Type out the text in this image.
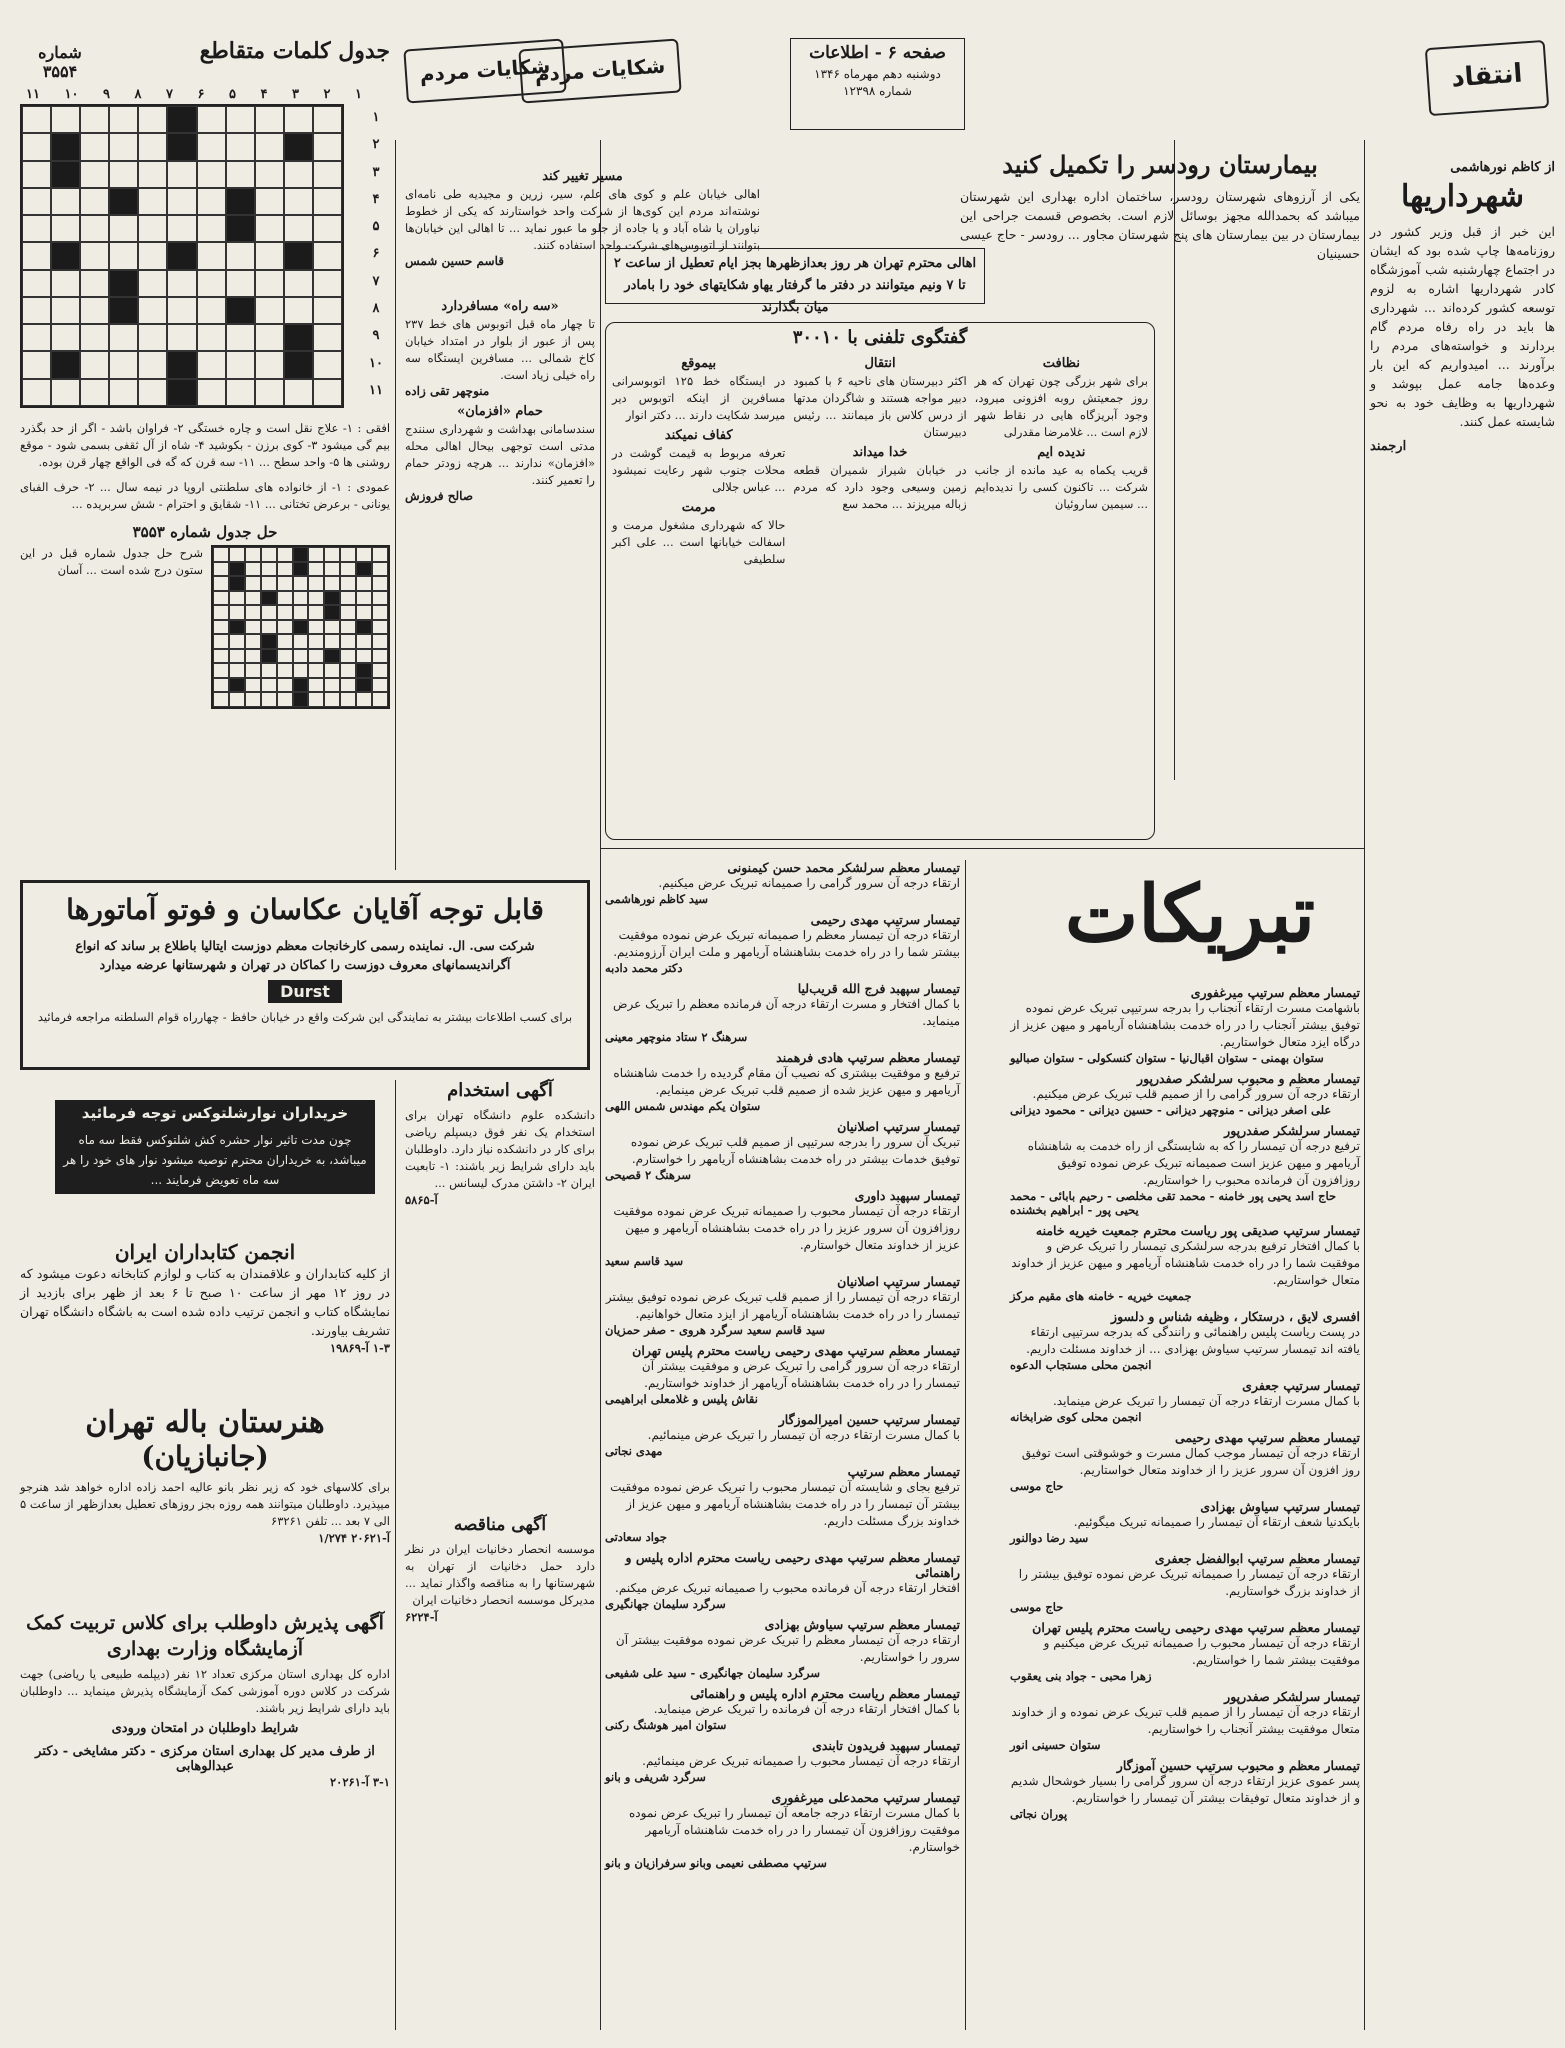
انتقاد
شکایات مردم
صفحه ۶ - اطلاعات
دوشنبه دهم مهرماه ۱۳۴۶
شماره ۱۲۳۹۸
شکایات مردم
از کاظم نورهاشمی
شهرداریها
این خبر از قبل وزیر کشور در روزنامه‌ها چاپ شده بود که ایشان در اجتماع چهارشنبه شب آموزشگاه کادر شهرداریها اشاره به لزوم توسعه کشور کرده‌اند ... شهرداری ها باید در راه رفاه مردم گام بردارند و خواسته‌های مردم را برآورند ... امیدواریم که این بار وعده‌ها جامه عمل بپوشد و شهرداریها به وظایف خود به نحو شایسته عمل کنند.
ارجمند
بیمارستان رودسر را تکمیل کنید
یکی از آرزوهای شهرستان رودسر، ساختمان اداره بهداری این شهرستان میباشد که بحمدالله مجهز بوسائل لازم است. بخصوص قسمت جراحی این بیمارستان در بین بیمارستان های پنج شهرستان مجاور ... رودسر - حاج عیسی حسینیان
مسیر تغییر کند
اهالی خیابان علم و کوی های علم، سیر، زرین و مجیدیه طی نامه‌ای نوشته‌اند مردم این کوی‌ها از شرکت واحد خواستارند که یکی از خطوط نیاوران یا شاه آباد و یا جاده از جلو ما عبور نماید ... تا اهالی این خیابان‌ها بتوانند از اتوبوس‌های شرکت واحد استفاده کنند.
قاسم حسین شمس	اهالی محترم تهران هر روز بعدازظهرها بجز ایام تعطیل از ساعت ۲ تا ۷ ونیم میتوانند در دفتر ما گرفتار یهاو شکایتهای خود را بامادر میان بگذارند
گفتگوی تلفنی با ۳۰۰۱۰
نظافت
برای شهر بزرگی چون تهران که هر روز جمعیتش روبه افزونی میرود، وجود آبریزگاه هایی در نقاط شهر لازم است ... غلامرضا مقدرلی
ندیده ایم
قریب یکماه به عید مانده از جانب شرکت ... تاکنون کسی را ندیده‌ایم ... سیمین ساروئیان
انتقال
اکثر دبیرستان های ناحیه ۶ با کمبود دبیر مواجه هستند و شاگردان مدتها از درس کلاس باز میمانند ... رئیس دبیرستان
خدا میداند
در خیابان شیراز شمیران قطعه زمین وسیعی وجود دارد که مردم زباله میریزند ... محمد سع
بیموقع
در ایستگاه خط ۱۲۵ اتوبوسرانی مسافرین از اینکه اتوبوس دیر میرسد شکایت دارند ... دکتر انوار
کفاف نمیکند
تعرفه مربوط به قیمت گوشت در محلات جنوب شهر رعایت نمیشود ... عباس جلالی
مرمت
حالا که شهرداری مشغول مرمت و اسفالت خیابانها است ... علی اکبر سلطیفی
«سه راه» مسافردارد
تا چهار ماه قبل اتوبوس های خط ۲۳۷ پس از عبور از بلوار در امتداد خیابان کاخ شمالی ... مسافرین ایستگاه سه راه خیلی زیاد است.
منوچهر تقی زاده
حمام «افزمان»
سندسامانی بهداشت و شهرداری سنندج مدتی است توجهی بیحال اهالی محله «افزمان» ندارند ... هرچه زودتر حمام را تعمیر کنند.
صالح فروزش
جدول کلمات متقاطع
شماره ۳۵۵۴
۱۱ ۱۰ ۹ ۸ ۷ ۶ ۵ ۴ ۳ ۲ ۱
۱
۲
۳
۴
۵
۶
۷
۸
۹
۱۰
۱۱
افقی : ۱- علاج نقل است و چاره خستگی ۲- فراوان باشد - اگر از حد بگذرد بیم گی میشود ۳- کوی برزن - بکوشید ۴- شاه از آل ثقفی بسمی شود - موقع روشنی ها ۵- واحد سطح ... ۱۱- سه قرن که گه فی الواقع چهار قرن بوده.
عمودی : ۱- از خانواده های سلطنتی اروپا در نیمه سال ... ۲- حرف الفبای یونانی - برعرض تختانی ... ۱۱- شقایق و احترام - شش سربریده ...
حل جدول شماره ۳۵۵۳
شرح حل جدول شماره قبل در این ستون درج شده است ... آسان
قابل توجه آقایان عکاسان و فوتو آماتورها
شرکت سی. ال. نماینده رسمی کارخانجات معظم دوزست ایتالیا باطلاع بر ساند که انواع آگراندیسمانهای معروف دوزست را کماکان در تهران و شهرستانها عرضه میدارد
Durst
برای کسب اطلاعات بیشتر به نمایندگی این شرکت واقع در خیابان حافظ - چهارراه قوام السلطنه مراجعه فرمائید
خریداران نوارشلتوکس توجه فرمائید
چون مدت تاثیر نوار حشره کش شلتوکس فقط سه ماه میباشد، به خریداران محترم توصیه میشود نوار های خود را هر سه ماه تعویض فرمایند ...
انجمن کتابداران ایران
از کلیه کتابداران و علاقمندان به کتاب و لوازم کتابخانه دعوت میشود که در روز ۱۲ مهر از ساعت ۱۰ صبح تا ۶ بعد از ظهر برای بازدید از نمایشگاه کتاب و انجمن ترتیب داده شده است به باشگاه دانشگاه تهران تشریف بیاورند.
۱-۳ آ-۱۹۸۶۹
هنرستان باله تهران
(جانبازیان)
برای کلاسهای خود که زیر نظر بانو عالیه احمد زاده اداره خواهد شد هنرجو میپذیرد. داوطلبان میتوانند همه روزه بجز روزهای تعطیل بعدازظهر از ساعت ۵ الی ۷ بعد ... تلفن ۶۳۲۶۱
آ-۲۰۶۲۱ ۱/۲۷۴
آگهی پذیرش داوطلب برای کلاس تربیت کمک آزمایشگاه وزارت بهداری
اداره کل بهداری استان مرکزی تعداد ۱۲ نفر (دیپلمه طبیعی یا ریاضی) جهت شرکت در کلاس دوره آموزشی کمک آزمایشگاه پذیرش مینماید ... داوطلبان باید دارای شرایط زیر باشند.
شرایط داوطلبان در امتحان ورودی
از طرف مدیر کل بهداری استان مرکزی - دکتر مشایخی - دکتر عبدالوهابی
۳-۱ آ-۲۰۲۶۱
آگهی استخدام
دانشکده علوم دانشگاه تهران برای استخدام یک نفر فوق دیسپلم ریاضی برای کار در دانشکده نیاز دارد. داوطلبان باید دارای شرایط زیر باشند: ۱- تابعیت ایران ۲- داشتن مدرک لیسانس ...
آ-۵۸۶۵
آگهی مناقصه
موسسه انحصار دخانیات ایران در نظر دارد حمل دخانیات از تهران به شهرستانها را به مناقصه واگذار نماید ... مدیرکل موسسه انحصار دخانیات ایران
آ-۶۲۲۴
تبریکات
تیمسار معظم سرتیپ میرغفوری
باشهامت مسرت ارتقاء آنجناب را بدرجه سرتیپی تبریک عرض نموده توفیق بیشتر آنجناب را در راه خدمت بشاهنشاه آریامهر و میهن عزیز از درگاه ایزد متعال خواستاریم.
ستوان بهمنی - ستوان اقبال‌نیا - ستوان کنسکولی - ستوان صبالیو
تیمسار معظم و محبوب سرلشکر صفدرپور
ارتقاء درجه آن سرور گرامی را از صمیم قلب تبریک عرض میکنیم.
علی اصغر دیزانی - منوچهر دیزانی - حسین دیزانی - محمود دیزانی
تیمسار سرلشکر صفدرپور
ترفیع درجه آن تیمسار را که به شایستگی از راه خدمت به شاهنشاه آریامهر و میهن عزیز است صمیمانه تبریک عرض نموده توفیق روزافزون آن فرمانده محبوب را خواستاریم.
حاج اسد یحیی پور خامنه - محمد تقی مخلصی - رحیم بابائی - محمد یحیی پور - ابراهیم بخشنده
تیمسار سرتیپ صدیقی پور ریاست محترم جمعیت خیریه خامنه
با کمال افتخار ترفیع بدرجه سرلشکری تیمسار را تبریک عرض و موفقیت شما را در راه خدمت شاهنشاه آریامهر و میهن عزیز از خداوند متعال خواستاریم.
جمعیت خیریه - خامنه های مقیم مرکز
افسری لایق ، درستکار ، وظیفه شناس و دلسوز
در پست ریاست پلیس راهنمائی و رانندگی که بدرجه سرتیپی ارتقاء یافته اند تیمسار سرتیپ سیاوش بهزادی ... از خداوند مسئلت داریم.
انجمن محلی مستجاب الدعوه
تیمسار سرتیپ جعفری
با کمال مسرت ارتقاء درجه آن تیمسار را تبریک عرض مینماید.
انجمن محلی کوی ضرابخانه
تیمسار معظم سرتیپ مهدی رحیمی
ارتقاء درجه آن تیمسار موجب کمال مسرت و خوشوقتی است توفیق روز افزون آن سرور عزیز را از خداوند متعال خواستاریم.
حاج موسی
تیمسار سرتیپ سیاوش بهزادی
بایکدنیا شعف ارتقاء آن تیمسار را صمیمانه تبریک میگوئیم.
سید رضا دوالنور
تیمسار معظم سرتیپ ابوالفضل جعفری
ارتقاء درجه آن تیمسار را صمیمانه تبریک عرض نموده توفیق بیشتر را از خداوند بزرگ خواستاریم.
حاج موسی
تیمسار معظم سرتیپ مهدی رحیمی ریاست محترم پلیس تهران
ارتقاء درجه آن تیمسار محبوب را صمیمانه تبریک عرض میکنیم و موفقیت بیشتر شما را خواستاریم.
زهرا محبی - جواد بنی یعقوب
تیمسار سرلشکر صفدرپور
ارتقاء درجه آن تیمسار را از صمیم قلب تبریک عرض نموده و از خداوند متعال موفقیت بیشتر آنجناب را خواستاریم.
ستوان حسینی انور
تیمسار معظم و محبوب سرتیپ حسین آموزگار
پسر عموی عزیز ارتقاء درجه آن سرور گرامی را بسیار خوشحال شدیم و از خداوند متعال توفیقات بیشتر آن تیمسار را خواستاریم.
پوران نجاتی
تیمسار معظم سرلشکر محمد حسن کیمنونی
ارتقاء درجه آن سرور گرامی را صمیمانه تبریک عرض میکنیم.
سید کاظم نورهاشمی
تیمسار سرتیپ مهدی رحیمی
ارتقاء درجه آن تیمسار معظم را صمیمانه تبریک عرض نموده موفقیت بیشتر شما را در راه خدمت بشاهنشاه آریامهر و ملت ایران آرزومندیم.
دکتر محمد دادبه
تیمسار سپهبد فرج الله قریب‌لیا
با کمال افتخار و مسرت ارتقاء درجه آن فرمانده معظم را تبریک عرض مینماید.
سرهنگ ۲ ستاد منوچهر معینی
تیمسار معظم سرتیپ هادی فرهمند
ترفیع و موفقیت بیشتری که نصیب آن مقام گردیده را خدمت شاهنشاه آریامهر و میهن عزیز شده از صمیم قلب تبریک عرض مینمایم.
ستوان یکم مهندس شمس اللهی
تیمسار سرتیپ اصلانیان
تبریک آن سرور را بدرجه سرتیپی از صمیم قلب تبریک عرض نموده توفیق خدمات بیشتر در راه خدمت بشاهنشاه آریامهر را خواستارم.
سرهنگ ۲ قصیحی
تیمسار سپهبد داوری
ارتقاء درجه آن تیمسار محبوب را صمیمانه تبریک عرض نموده موفقیت روزافزون آن سرور عزیز را در راه خدمت بشاهنشاه آریامهر و میهن عزیز از خداوند متعال خواستارم.
سید قاسم سعید
تیمسار سرتیپ اصلانیان
ارتقاء درجه آن تیمسار را از صمیم قلب تبریک عرض نموده توفیق بیشتر تیمسار را در راه خدمت بشاهنشاه آریامهر از ایزد متعال خواهانیم.
سید قاسم سعید سرگرد هروی - صفر حمزیان
تیمسار معظم سرتیپ مهدی رحیمی ریاست محترم پلیس تهران
ارتقاء درجه آن سرور گرامی را تبریک عرض و موفقیت بیشتر آن تیمسار را در راه خدمت بشاهنشاه آریامهر از خداوند خواستاریم.
نقاش پلیس و غلامعلی ابراهیمی
تیمسار سرتیپ حسین امیرالموزگار
با کمال مسرت ارتقاء درجه آن تیمسار را تبریک عرض مینمائیم.
مهدی نجاتی
تیمسار معظم سرتیپ
ترفیع بجای و شایسته آن تیمسار محبوب را تبریک عرض نموده موفقیت بیشتر آن تیمسار را در راه خدمت بشاهنشاه آریامهر و میهن عزیز از خداوند بزرگ مسئلت داریم.
جواد سعادتی
تیمسار معظم سرتیپ مهدی رحیمی ریاست محترم اداره پلیس و راهنمائی
افتخار ارتقاء درجه آن فرمانده محبوب را صمیمانه تبریک عرض میکنم.
سرگرد سلیمان جهانگیری
تیمسار معظم سرتیپ سیاوش بهزادی
ارتقاء درجه آن تیمسار معظم را تبریک عرض نموده موفقیت بیشتر آن سرور را خواستاریم.
سرگرد سلیمان جهانگیری - سید علی شفیعی
تیمسار معظم ریاست محترم اداره پلیس و راهنمائی
با کمال افتخار ارتقاء درجه آن فرمانده را تبریک عرض مینماید.
ستوان امیر هوشنگ رکنی
تیمسار سپهبد فریدون تابندی
ارتقاء درجه آن تیمسار محبوب را صمیمانه تبریک عرض مینمائیم.
سرگرد شریفی و بانو
تیمسار سرتیپ محمدعلی میرغفوری
با کمال مسرت ارتقاء درجه جامعه آن تیمسار را تبریک عرض نموده موفقیت روزافزون آن تیمسار را در راه خدمت شاهنشاه آریامهر خواستارم.
سرتیپ مصطفی نعیمی وبانو سرفرازیان و بانو
